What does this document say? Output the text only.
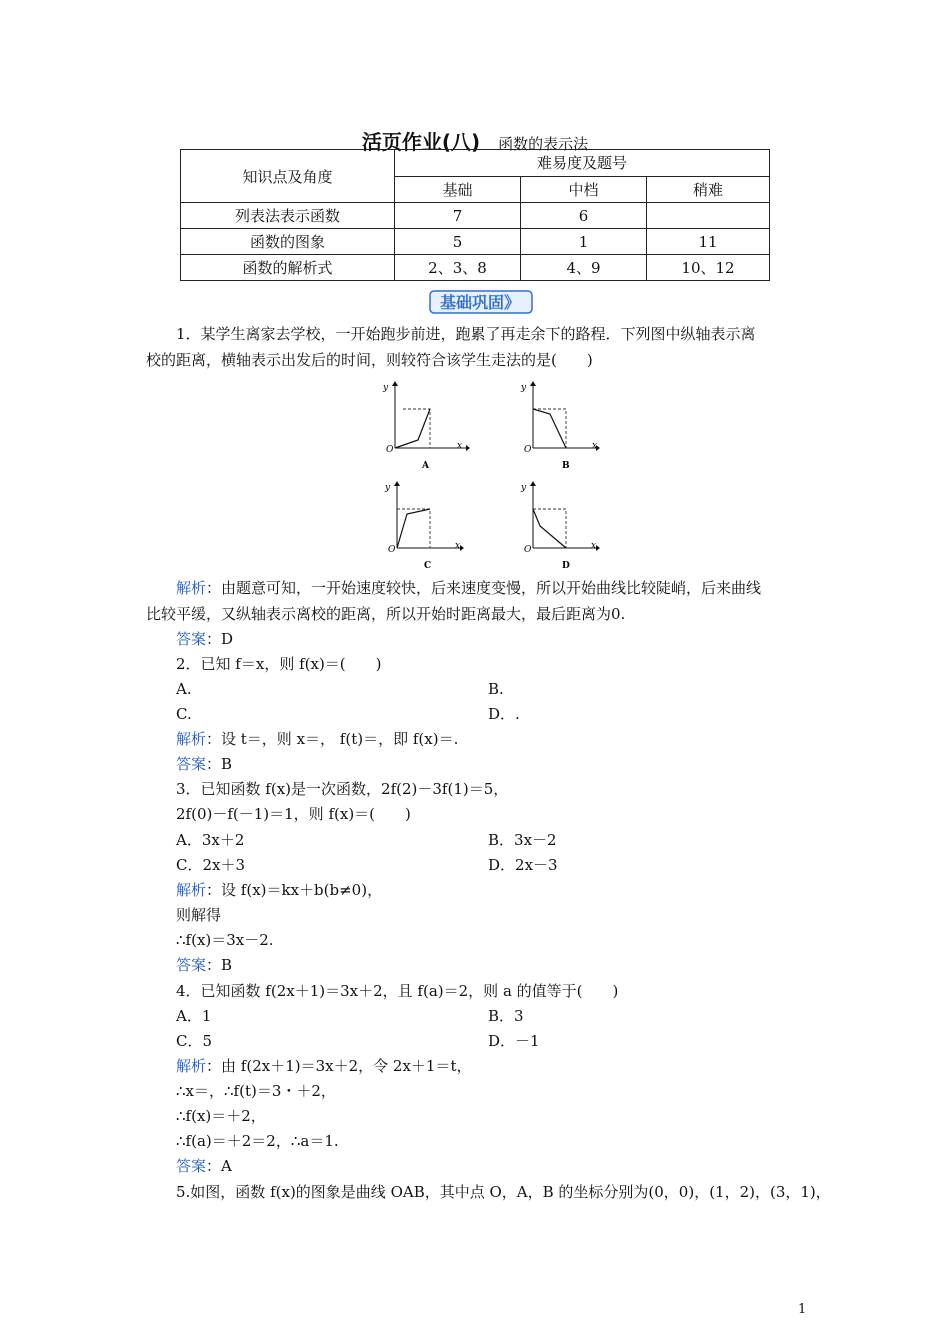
活页作业(八) 函数的表示法
知识点及角度	难易度及题号		
	基础	中档	稍难
列表法表示函数	7	6	
函数的图象	5	1	11
函数的解析式	2、3、8	4、9	10、12
基础巩固》
1．某学生离家去学校，一开始跑步前进，跑累了再走余下的路程．下列图中纵轴表示离
校的距离，横轴表示出发后的时间，则较符合该学生走法的是(　　)
y
x
O
A
y
x
O
B
y
x
O
C
y
x
O
D
解析：由题意可知，一开始速度较快，后来速度变慢，所以开始曲线比较陡峭，后来曲线
比较平缓，又纵轴表示离校的距离，所以开始时距离最大，最后距离为0.
答案：D
2．已知 f＝x，则 f(x)＝(　　)
A.	B.
C.	D．.
解析：设 t＝，则 x＝， f(t)＝，即 f(x)＝.
答案：B
3．已知函数 f(x)是一次函数，2f(2)－3f(1)＝5，
2f(0)－f(－1)＝1，则 f(x)＝(　　)
A．3x＋2	B．3x－2
C．2x＋3	D．2x－3
解析：设 f(x)＝kx＋b(b≠0)，
则解得
∴f(x)＝3x－2.
答案：B
4．已知函数 f(2x＋1)＝3x＋2，且 f(a)＝2，则 a 的值等于(　　)
A．1	B．3
C．5	D．－1
解析：由 f(2x＋1)＝3x＋2，令 2x＋1＝t，
∴x＝，∴f(t)＝3・＋2，
∴f(x)＝＋2，
∴f(a)＝＋2＝2，∴a＝1.
答案：A
5.如图，函数 f(x)的图象是曲线 OAB，其中点 O，A，B 的坐标分别为(0，0)，(1，2)，(3，1)，
1
